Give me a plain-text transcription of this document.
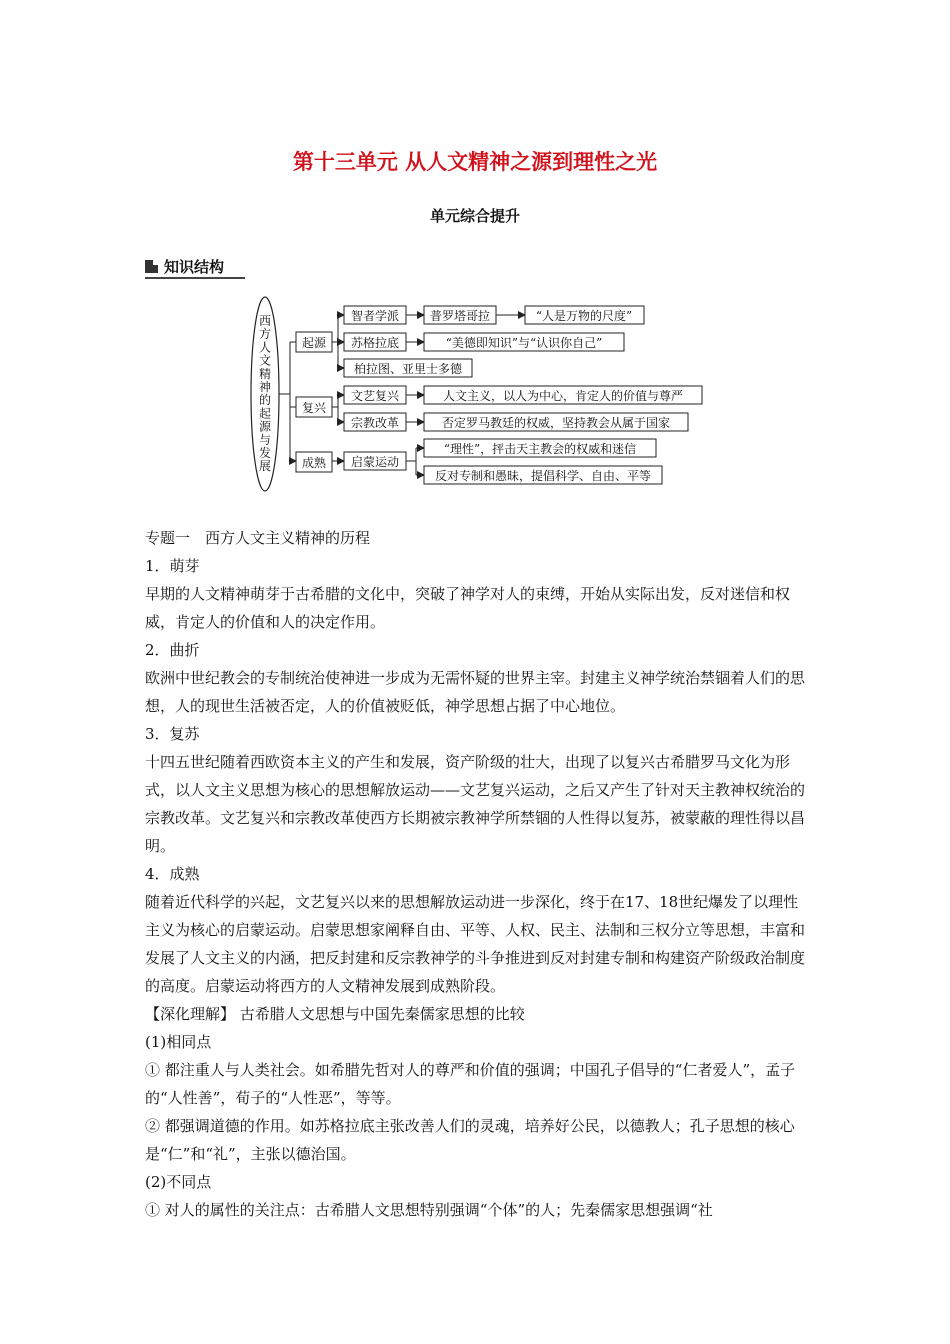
第十三单元 从人文精神之源到理性之光
单元综合提升
知识结构
西方人文精神的起源与发展
起源
复兴
成熟
智者学派	普罗塔哥拉	“人是万物的尺度”
苏格拉底	“美德即知识”与“认识你自己”
柏拉图、亚里士多德
文艺复兴	人文主义，以人为中心，肯定人的价值与尊严
宗教改革	否定罗马教廷的权威，坚持教会从属于国家
启蒙运动
“理性”，抨击天主教会的权威和迷信
反对专制和愚昧，提倡科学、自由、平等

专题一　西方人文主义精神的历程

1．萌芽

早期的人文精神萌芽于古希腊的文化中，突破了神学对人的束缚，开始从实际出发，反对迷信和权威，肯定人的价值和人的决定作用。

2．曲折

欧洲中世纪教会的专制统治使神进一步成为无需怀疑的世界主宰。封建主义神学统治禁锢着人们的思想，人的现世生活被否定，人的价值被贬低，神学思想占据了中心地位。

3．复苏

十四五世纪随着西欧资本主义的产生和发展，资产阶级的壮大，出现了以复兴古希腊罗马文化为形式，以人文主义思想为核心的思想解放运动——文艺复兴运动，之后又产生了针对天主教神权统治的宗教改革。文艺复兴和宗教改革使西方长期被宗教神学所禁锢的人性得以复苏，被蒙蔽的理性得以昌明。

4．成熟

随着近代科学的兴起，文艺复兴以来的思想解放运动进一步深化，终于在17、18世纪爆发了以理性主义为核心的启蒙运动。启蒙思想家阐释自由、平等、人权、民主、法制和三权分立等思想，丰富和发展了人文主义的内涵，把反封建和反宗教神学的斗争推进到反对封建专制和构建资产阶级政治制度的高度。启蒙运动将西方的人文精神发展到成熟阶段。

【深化理解】 古希腊人文思想与中国先秦儒家思想的比较

(1)相同点

① 都注重人与人类社会。如希腊先哲对人的尊严和价值的强调；中国孔子倡导的“仁者爱人”，孟子的“人性善”，荀子的“人性恶”，等等。

② 都强调道德的作用。如苏格拉底主张改善人们的灵魂，培养好公民，以德教人；孔子思想的核心是“仁”和“礼”，主张以德治国。

(2)不同点

① 对人的属性的关注点：古希腊人文思想特别强调“个体”的人；先秦儒家思想强调“社
